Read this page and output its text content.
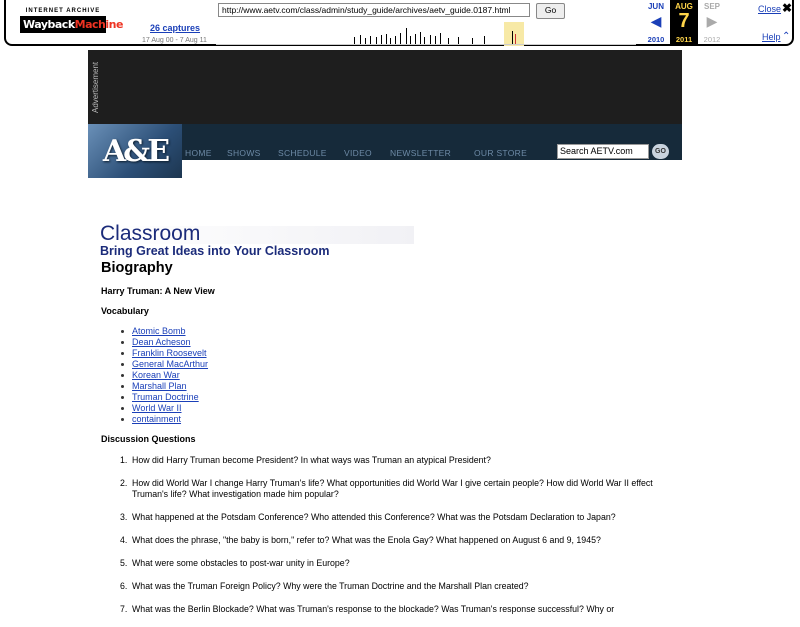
INTERNET ARCHIVE
WaybackMachine	26 captures
17 Aug 00 - 7 Aug 11
http://www.aetv.com/class/admin/study_guide/archives/aetv_guide.0187.html	Go	JUN
◀
2010
AUG
7
2011
SEP
▶
2012
Close ✖
Help ⌃
Advertisement
A&E HOME SHOWS SCHEDULE VIDEO NEWSLETTER	OUR STORE	Search AETV.com	GO
Classroom
Bring Great Ideas into Your Classroom
Biography
Harry Truman: A New View
Vocabulary
Atomic Bomb
Dean Acheson
Franklin Roosevelt
General MacArthur
Korean War
Marshall Plan
Truman Doctrine
World War II
containment
Discussion Questions
1. How did Harry Truman become President? In what ways was Truman an atypical President?
2. How did World War I change Harry Truman's life? What opportunities did World War I give certain people? How did World War II effect Truman's life? What investigation made him popular?
3. What happened at the Potsdam Conference? Who attended this Conference? What was the Potsdam Declaration to Japan?
4. What does the phrase, "the baby is born," refer to? What was the Enola Gay? What happened on August 6 and 9, 1945?
5. What were some obstacles to post-war unity in Europe?
6. What was the Truman Foreign Policy? Why were the Truman Doctrine and the Marshall Plan created?
7. What was the Berlin Blockade? What was Truman's response to the blockade? Was Truman's response successful? Why or
